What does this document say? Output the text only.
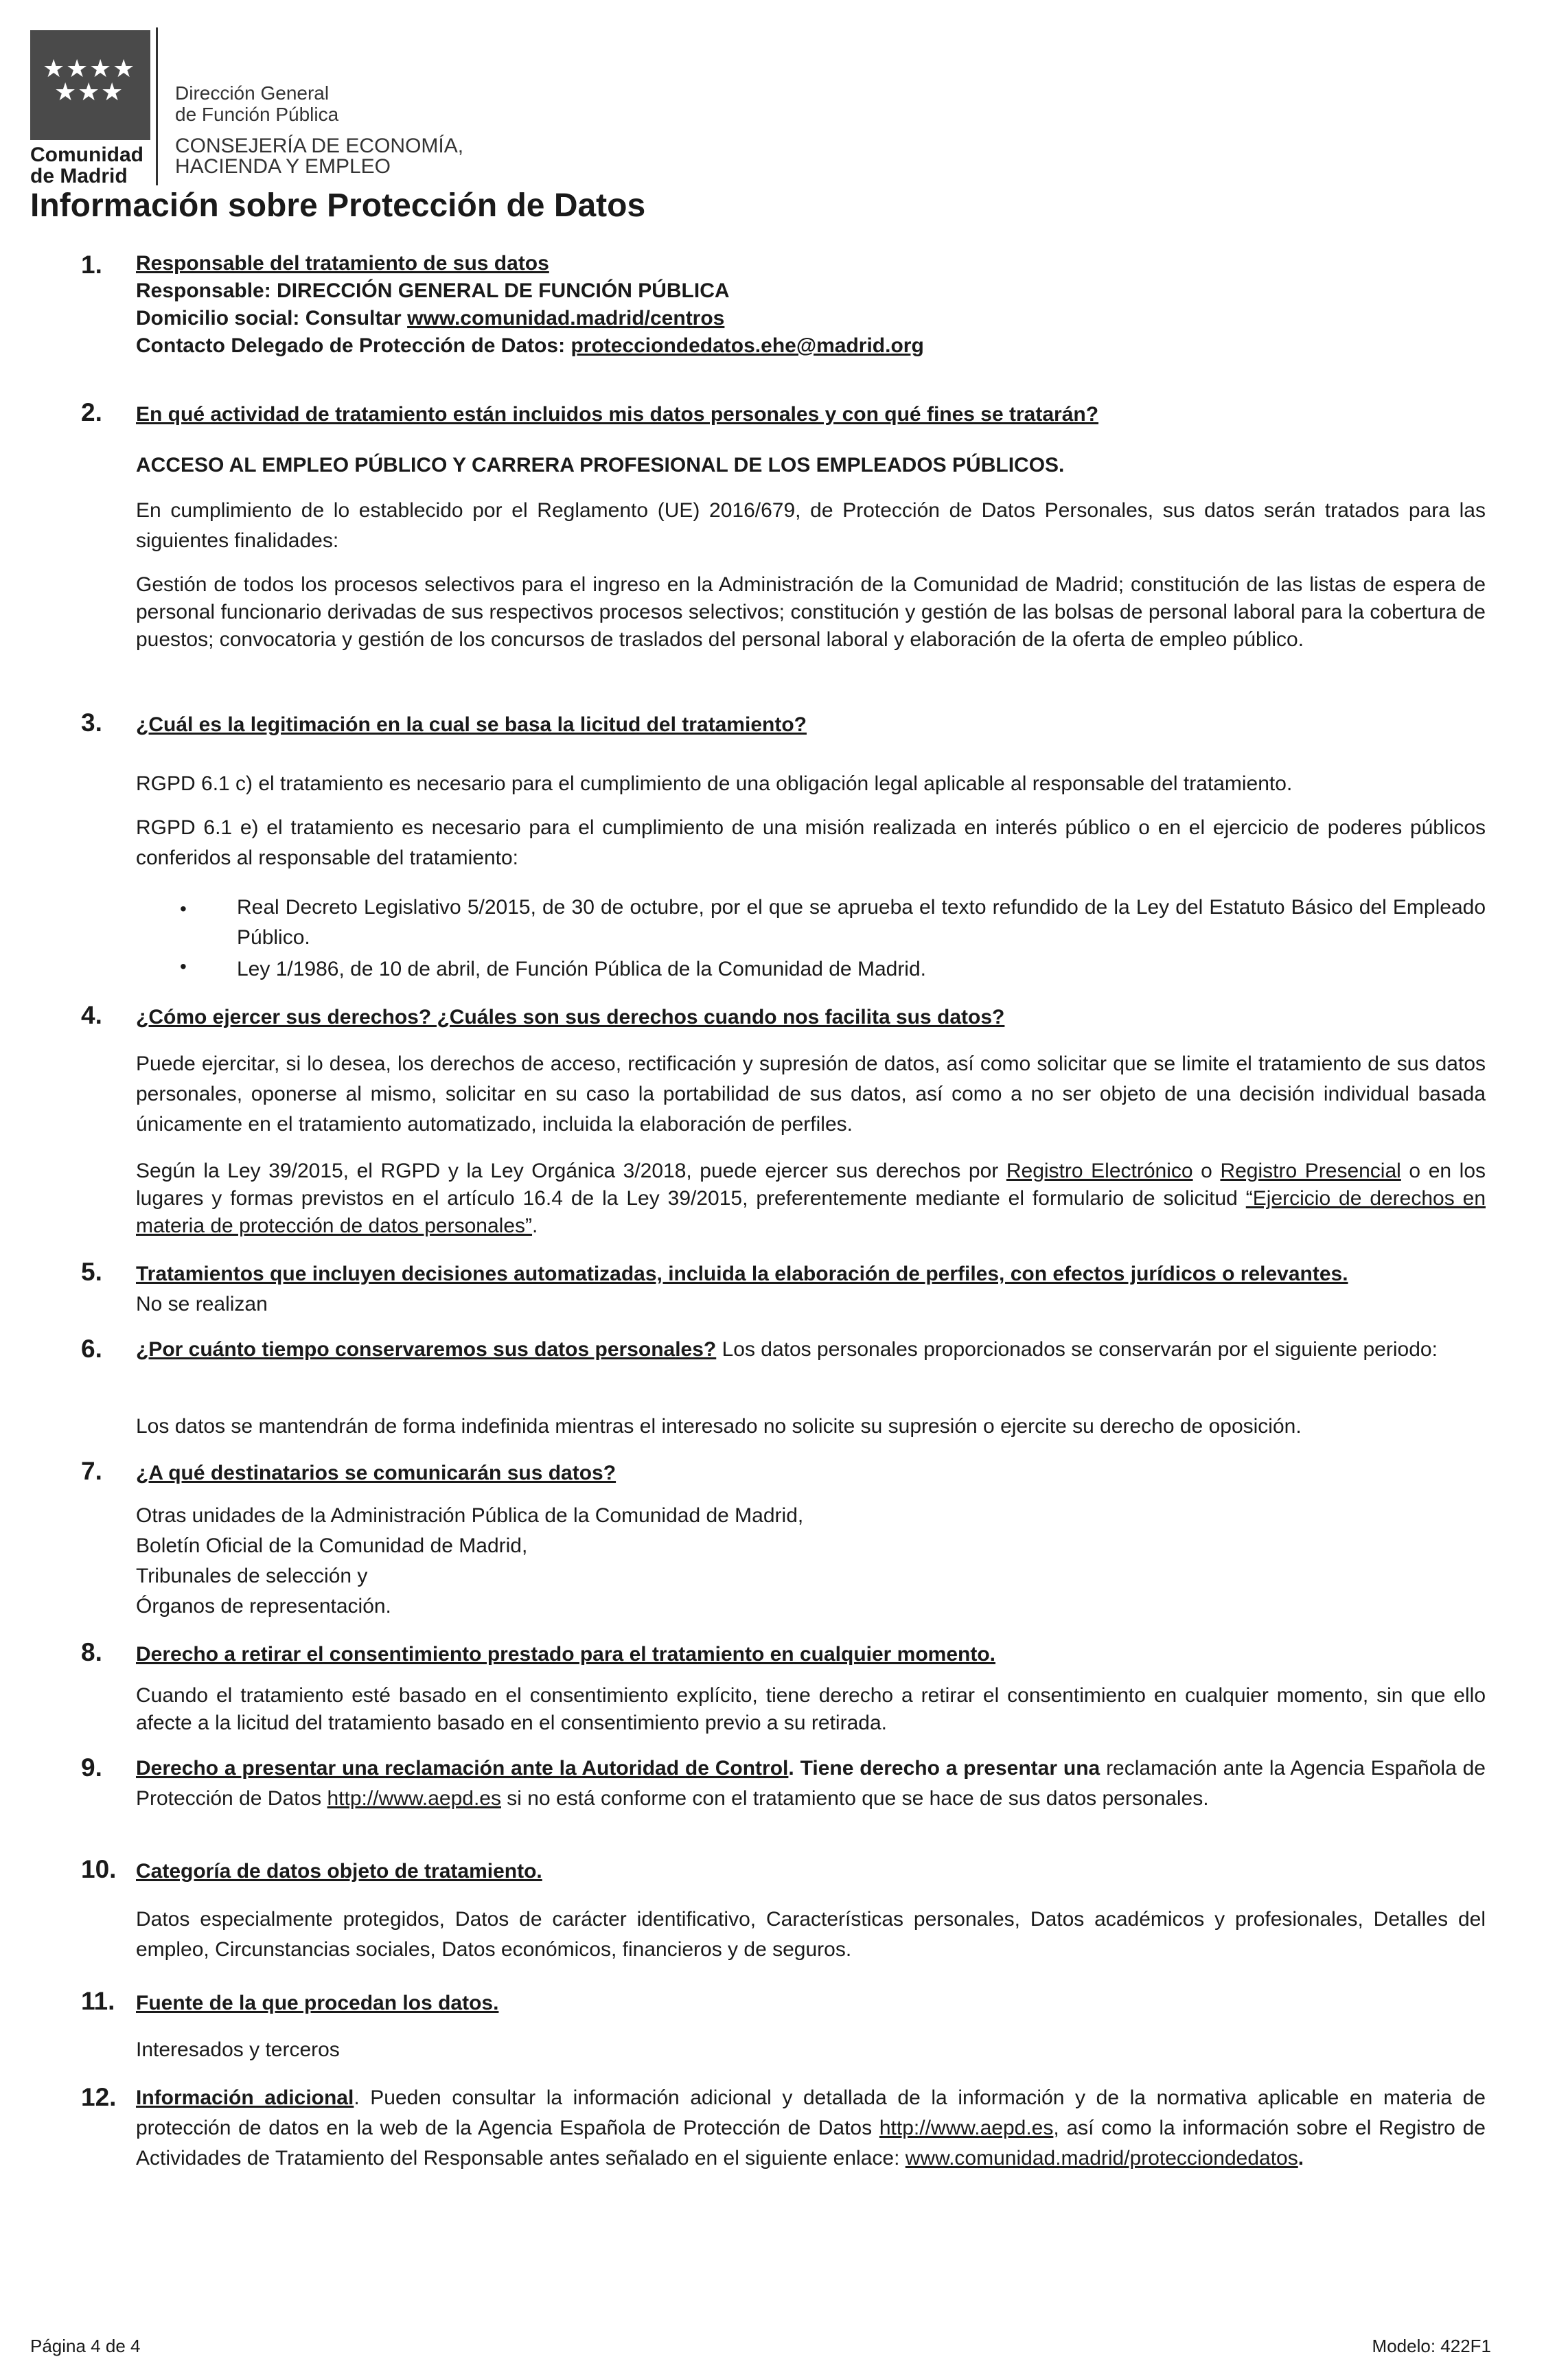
★ ★ ★ ★
★ ★ ★
Comunidad
de Madrid
Dirección General
de Función Pública
CONSEJERÍA DE ECONOMÍA,
HACIENDA Y EMPLEO
Información sobre Protección de Datos
1. Responsable del tratamiento de sus datos
Responsable: DIRECCIÓN GENERAL DE FUNCIÓN PÚBLICA
Domicilio social: Consultar www.comunidad.madrid/centros
Contacto Delegado de Protección de Datos: protecciondedatos.ehe@madrid.org
2. En qué actividad de tratamiento están incluidos mis datos personales y con qué fines se tratarán?
ACCESO AL EMPLEO PÚBLICO Y CARRERA PROFESIONAL DE LOS EMPLEADOS PÚBLICOS.
En cumplimiento de lo establecido por el Reglamento (UE) 2016/679, de Protección de Datos Personales, sus datos serán tratados para las siguientes finalidades:
Gestión de todos los procesos selectivos para el ingreso en la Administración de la Comunidad de Madrid; constitución de las listas de espera de personal funcionario derivadas de sus respectivos procesos selectivos; constitución y gestión de las bolsas de personal laboral para la cobertura de puestos; convocatoria y gestión de los concursos de traslados del personal laboral y elaboración de la oferta de empleo público.
3. ¿Cuál es la legitimación en la cual se basa la licitud del tratamiento?
RGPD 6.1 c) el tratamiento es necesario para el cumplimiento de una obligación legal aplicable al responsable del tratamiento.
RGPD 6.1 e) el tratamiento es necesario para el cumplimiento de una misión realizada en interés público o en el ejercicio de poderes públicos conferidos al responsable del tratamiento:
• Real Decreto Legislativo 5/2015, de 30 de octubre, por el que se aprueba el texto refundido de la Ley del Estatuto Básico del Empleado Público.
• Ley 1/1986, de 10 de abril, de Función Pública de la Comunidad de Madrid.
4. ¿Cómo ejercer sus derechos? ¿Cuáles son sus derechos cuando nos facilita sus datos?
Puede ejercitar, si lo desea, los derechos de acceso, rectificación y supresión de datos, así como solicitar que se limite el tratamiento de sus datos personales, oponerse al mismo, solicitar en su caso la portabilidad de sus datos, así como a no ser objeto de una decisión individual basada únicamente en el tratamiento automatizado, incluida la elaboración de perfiles.
Según la Ley 39/2015, el RGPD y la Ley Orgánica 3/2018, puede ejercer sus derechos por Registro Electrónico o Registro Presencial o en los lugares y formas previstos en el artículo 16.4 de la Ley 39/2015, preferentemente mediante el formulario de solicitud “Ejercicio de derechos en materia de protección de datos personales”.
5. Tratamientos que incluyen decisiones automatizadas, incluida la elaboración de perfiles, con efectos jurídicos o relevantes.
No se realizan
6. ¿Por cuánto tiempo conservaremos sus datos personales? Los datos personales proporcionados se conservarán por el siguiente periodo:
Los datos se mantendrán de forma indefinida mientras el interesado no solicite su supresión o ejercite su derecho de oposición.
7. ¿A qué destinatarios se comunicarán sus datos?
Otras unidades de la Administración Pública de la Comunidad de Madrid,
Boletín Oficial de la Comunidad de Madrid,
Tribunales de selección y
Órganos de representación.
8. Derecho a retirar el consentimiento prestado para el tratamiento en cualquier momento.
Cuando el tratamiento esté basado en el consentimiento explícito, tiene derecho a retirar el consentimiento en cualquier momento, sin que ello afecte a la licitud del tratamiento basado en el consentimiento previo a su retirada.
9. Derecho a presentar una reclamación ante la Autoridad de Control. Tiene derecho a presentar una reclamación ante la Agencia Española de Protección de Datos http://www.aepd.es si no está conforme con el tratamiento que se hace de sus datos personales.
10. Categoría de datos objeto de tratamiento.
Datos especialmente protegidos, Datos de carácter identificativo, Características personales, Datos académicos y profesionales, Detalles del empleo, Circunstancias sociales, Datos económicos, financieros y de seguros.
11. Fuente de la que procedan los datos.
Interesados y terceros
12. Información adicional. Pueden consultar la información adicional y detallada de la información y de la normativa aplicable en materia de protección de datos en la web de la Agencia Española de Protección de Datos http://www.aepd.es, así como la información sobre el Registro de Actividades de Tratamiento del Responsable antes señalado en el siguiente enlace: www.comunidad.madrid/protecciondedatos.
Página 4 de 4	Modelo: 422F1
